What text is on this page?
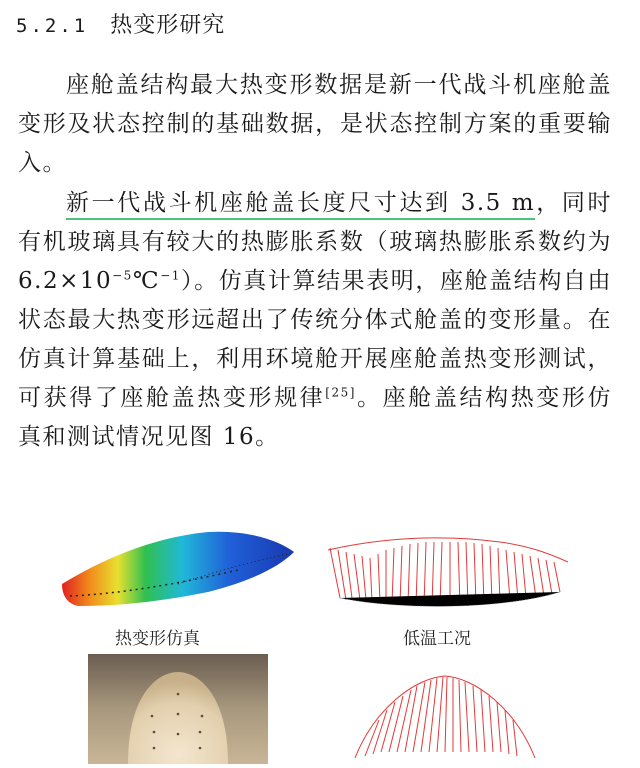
5.2.1 热变形研究
座舱盖结构最大热变形数据是新一代战斗机座舱盖变形及状态控制的基础数据，是状态控制方案的重要输入。
新一代战斗机座舱盖长度尺寸达到 3.5 m，同时有机玻璃具有较大的热膨胀系数（玻璃热膨胀系数约为 $6.2\times 10^{-5}℃^{-1}$）。仿真计算结果表明，座舱盖结构自由状态最大热变形远超出了传统分体式舱盖的变形量。在仿真计算基础上，利用环境舱开展座舱盖热变形测试，可获得了座舱盖热变形规律[25]。座舱盖结构热变形仿真和测试情况见图 16。
热变形仿真	低温工况
